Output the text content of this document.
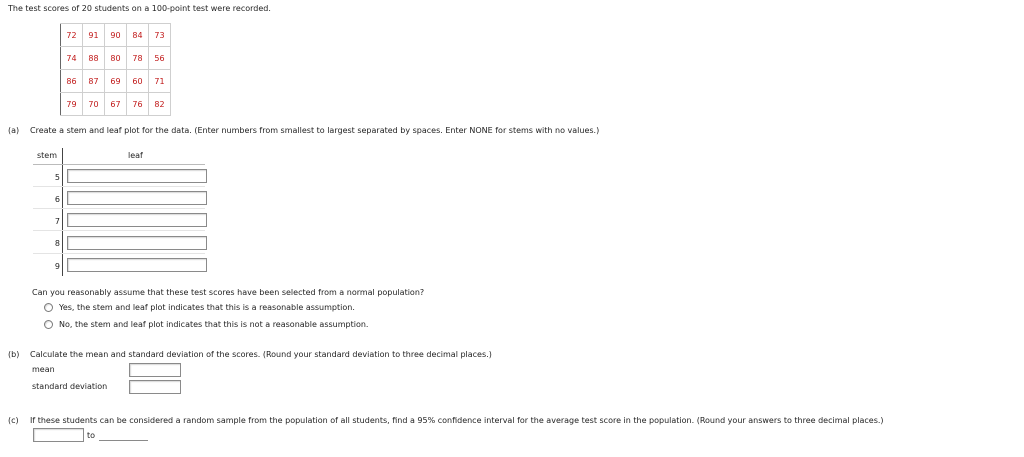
The test scores of 20 students on a 100-point test were recorded.
72	91	90	84	73
74	88	80	78	56
86	87	69	60	71
79	70	67	76	82
(a) Create a stem and leaf plot for the data. (Enter numbers from smallest to largest separated by spaces. Enter NONE for stems with no values.)
stem	leaf
5
6
7
8
9
Can you reasonably assume that these test scores have been selected from a normal population?
Yes, the stem and leaf plot indicates that this is a reasonable assumption.
No, the stem and leaf plot indicates that this is not a reasonable assumption.
(b) Calculate the mean and standard deviation of the scores. (Round your standard deviation to three decimal places.)
mean
standard deviation
(c) If these students can be considered a random sample from the population of all students, find a 95% confidence interval for the average test score in the population. (Round your answers to three decimal places.)
to
